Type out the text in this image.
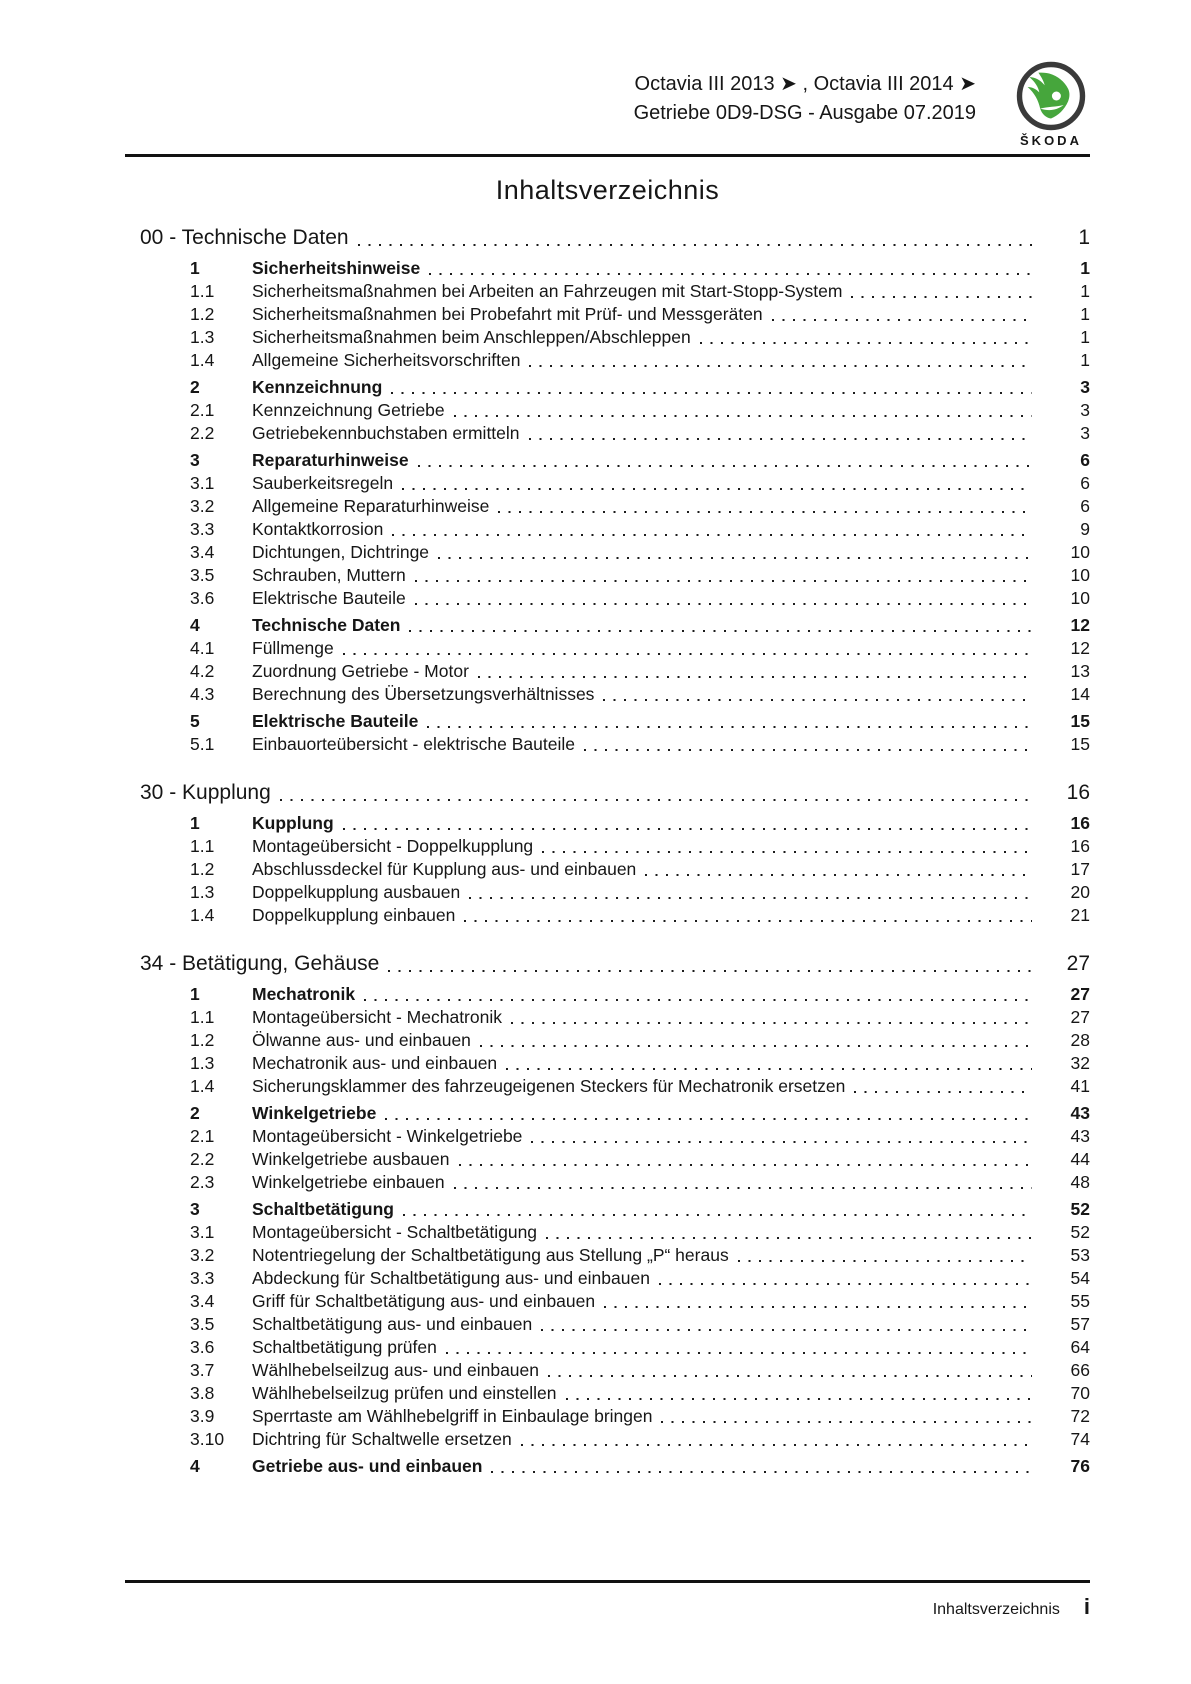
Octavia III 2013 ➤ , Octavia III 2014 ➤
Getriebe 0D9-DSG - Ausgabe 07.2019
ŠKODA
Inhaltsverzeichnis
00 - Technische Daten	1
1	Sicherheitshinweise	1
1.1	Sicherheitsmaßnahmen bei Arbeiten an Fahrzeugen mit Start-Stopp-System	1
1.2	Sicherheitsmaßnahmen bei Probefahrt mit Prüf- und Messgeräten	1
1.3	Sicherheitsmaßnahmen beim Anschleppen/Abschleppen	1
1.4	Allgemeine Sicherheitsvorschriften	1
2	Kennzeichnung	3
2.1	Kennzeichnung Getriebe	3
2.2	Getriebekennbuchstaben ermitteln	3
3	Reparaturhinweise	6
3.1	Sauberkeitsregeln	6
3.2	Allgemeine Reparaturhinweise	6
3.3	Kontaktkorrosion	9
3.4	Dichtungen, Dichtringe	10
3.5	Schrauben, Muttern	10
3.6	Elektrische Bauteile	10
4	Technische Daten	12
4.1	Füllmenge	12
4.2	Zuordnung Getriebe - Motor	13
4.3	Berechnung des Übersetzungsverhältnisses	14
5	Elektrische Bauteile	15
5.1	Einbauorteübersicht - elektrische Bauteile	15
30 - Kupplung	16
1	Kupplung	16
1.1	Montageübersicht - Doppelkupplung	16
1.2	Abschlussdeckel für Kupplung aus- und einbauen	17
1.3	Doppelkupplung ausbauen	20
1.4	Doppelkupplung einbauen	21
34 - Betätigung, Gehäuse	27
1	Mechatronik	27
1.1	Montageübersicht - Mechatronik	27
1.2	Ölwanne aus- und einbauen	28
1.3	Mechatronik aus- und einbauen	32
1.4	Sicherungsklammer des fahrzeugeigenen Steckers für Mechatronik ersetzen	41
2	Winkelgetriebe	43
2.1	Montageübersicht - Winkelgetriebe	43
2.2	Winkelgetriebe ausbauen	44
2.3	Winkelgetriebe einbauen	48
3	Schaltbetätigung	52
3.1	Montageübersicht - Schaltbetätigung	52
3.2	Notentriegelung der Schaltbetätigung aus Stellung „P“ heraus	53
3.3	Abdeckung für Schaltbetätigung aus- und einbauen	54
3.4	Griff für Schaltbetätigung aus- und einbauen	55
3.5	Schaltbetätigung aus- und einbauen	57
3.6	Schaltbetätigung prüfen	64
3.7	Wählhebelseilzug aus- und einbauen	66
3.8	Wählhebelseilzug prüfen und einstellen	70
3.9	Sperrtaste am Wählhebelgriff in Einbaulage bringen	72
3.10	Dichtring für Schaltwelle ersetzen	74
4	Getriebe aus- und einbauen	76
Inhaltsverzeichnis i
